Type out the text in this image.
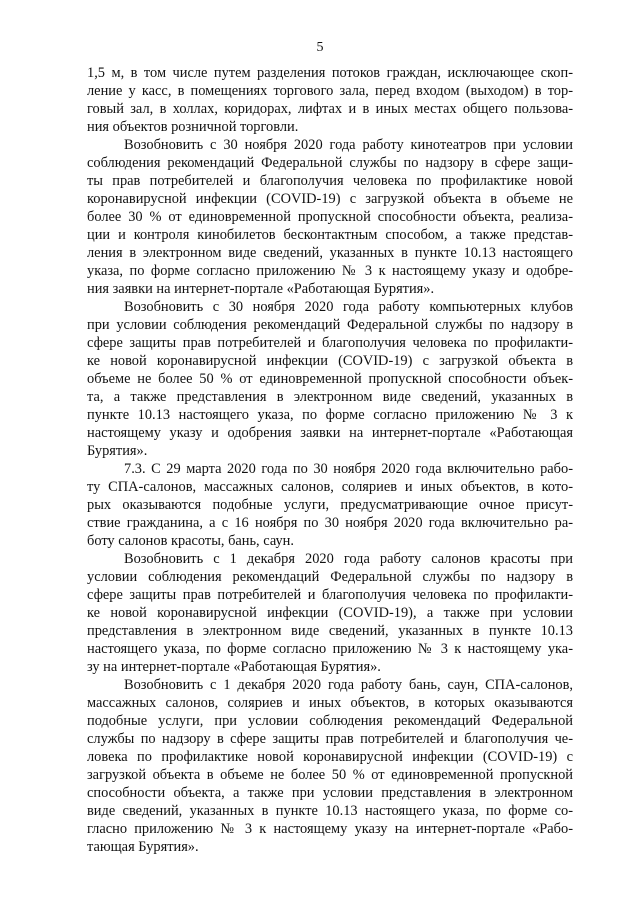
5
1,5 м, в том числе путем разделения потоков граждан, исключающее скоп-
ление у касс, в помещениях торгового зала, перед входом (выходом) в тор-
говый зал, в холлах, коридорах, лифтах и в иных местах общего пользова-
ния объектов розничной торговли.
Возобновить с 30 ноября 2020 года работу кинотеатров при условии
соблюдения рекомендаций Федеральной службы по надзору в сфере защи-
ты прав потребителей и благополучия человека по профилактике новой
коронавирусной инфекции (COVID-19) с загрузкой объекта в объеме не
более 30 % от единовременной пропускной способности объекта, реализа-
ции и контроля кинобилетов бесконтактным способом, а также представ-
ления в электронном виде сведений, указанных в пункте 10.13 настоящего
указа, по форме согласно приложению № 3 к настоящему указу и одобре-
ния заявки на интернет-портале «Работающая Бурятия».
Возобновить с 30 ноября 2020 года работу компьютерных клубов
при условии соблюдения рекомендаций Федеральной службы по надзору в
сфере защиты прав потребителей и благополучия человека по профилакти-
ке новой коронавирусной инфекции (COVID-19) с загрузкой объекта в
объеме не более 50 % от единовременной пропускной способности объек-
та, а также представления в электронном виде сведений, указанных в
пункте 10.13 настоящего указа, по форме согласно приложению № 3 к
настоящему указу и одобрения заявки на интернет-портале «Работающая
Бурятия».
7.3. С 29 марта 2020 года по 30 ноября 2020 года включительно рабо-
ту СПА-салонов, массажных салонов, соляриев и иных объектов, в кото-
рых оказываются подобные услуги, предусматривающие очное присут-
ствие гражданина, а с 16 ноября по 30 ноября 2020 года включительно ра-
боту салонов красоты, бань, саун.
Возобновить с 1 декабря 2020 года работу салонов красоты при
условии соблюдения рекомендаций Федеральной службы по надзору в
сфере защиты прав потребителей и благополучия человека по профилакти-
ке новой коронавирусной инфекции (COVID-19), а также при условии
представления в электронном виде сведений, указанных в пункте 10.13
настоящего указа, по форме согласно приложению № 3 к настоящему ука-
зу на интернет-портале «Работающая Бурятия».
Возобновить с 1 декабря 2020 года работу бань, саун, СПА-салонов,
массажных салонов, соляриев и иных объектов, в которых оказываются
подобные услуги, при условии соблюдения рекомендаций Федеральной
службы по надзору в сфере защиты прав потребителей и благополучия че-
ловека по профилактике новой коронавирусной инфекции (COVID-19) с
загрузкой объекта в объеме не более 50 % от единовременной пропускной
способности объекта, а также при условии представления в электронном
виде сведений, указанных в пункте 10.13 настоящего указа, по форме со-
гласно приложению № 3 к настоящему указу на интернет-портале «Рабо-
тающая Бурятия».
